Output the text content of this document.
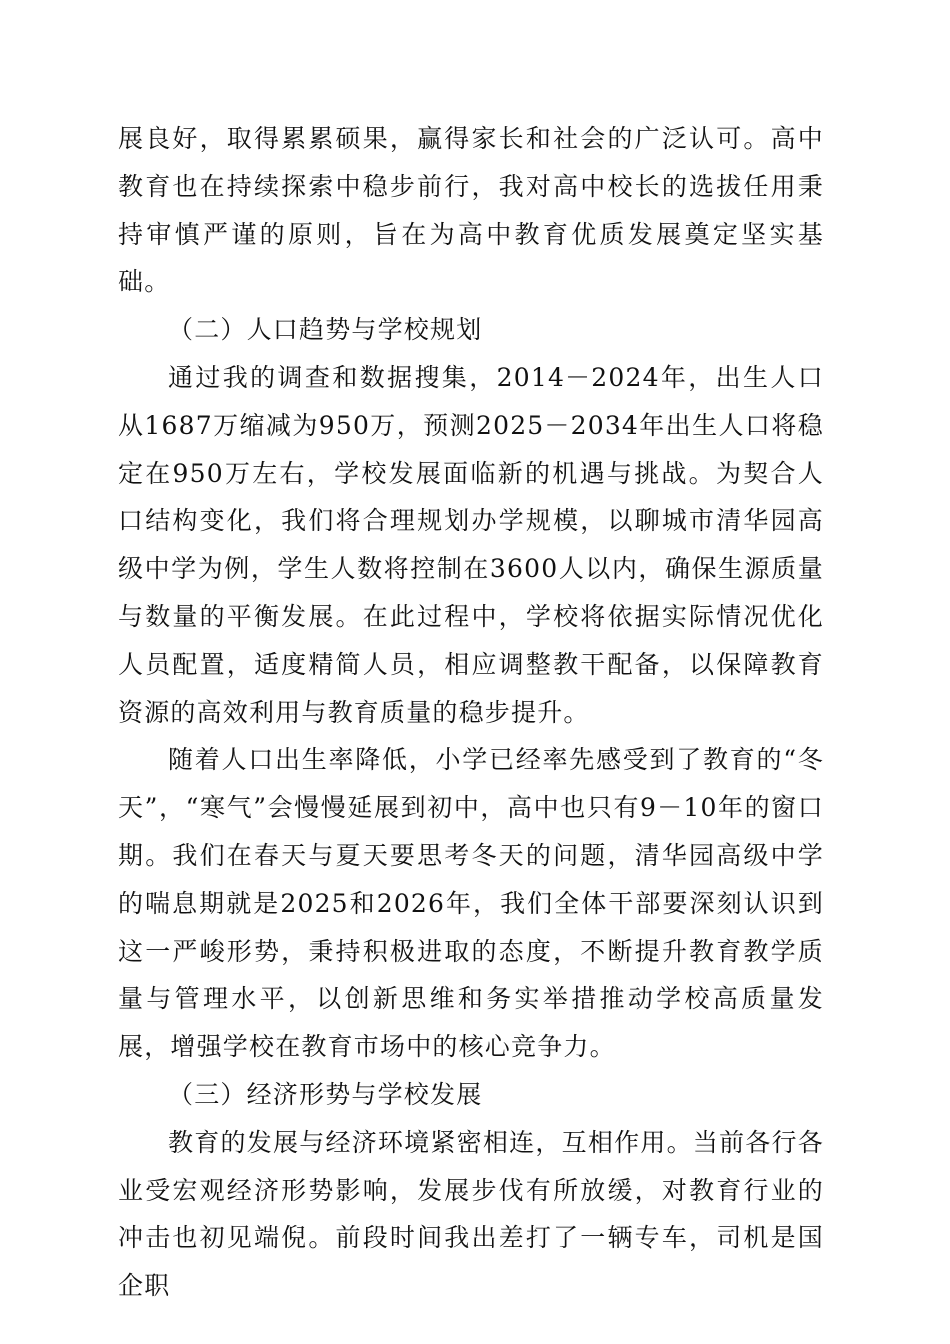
展良好，取得累累硕果，赢得家长和社会的广泛认可。高中教育也在持续探索中稳步前行，我对高中校长的选拔任用秉持审慎严谨的原则，旨在为高中教育优质发展奠定坚实基础。

（二）人口趋势与学校规划

通过我的调查和数据搜集，2014－2024年，出生人口从1687万缩减为950万，预测2025－2034年出生人口将稳定在950万左右，学校发展面临新的机遇与挑战。为契合人口结构变化，我们将合理规划办学规模，以聊城市清华园高级中学为例，学生人数将控制在3600人以内，确保生源质量与数量的平衡发展。在此过程中，学校将依据实际情况优化人员配置，适度精简人员，相应调整教干配备，以保障教育资源的高效利用与教育质量的稳步提升。

随着人口出生率降低，小学已经率先感受到了教育的“冬天”，“寒气”会慢慢延展到初中，高中也只有9－10年的窗口期。我们在春天与夏天要思考冬天的问题，清华园高级中学的喘息期就是2025和2026年，我们全体干部要深刻认识到这一严峻形势，秉持积极进取的态度，不断提升教育教学质量与管理水平，以创新思维和务实举措推动学校高质量发展，增强学校在教育市场中的核心竞争力。

（三）经济形势与学校发展

教育的发展与经济环境紧密相连，互相作用。当前各行各业受宏观经济形势影响，发展步伐有所放缓，对教育行业的冲击也初见端倪。前段时间我出差打了一辆专车，司机是国企职
